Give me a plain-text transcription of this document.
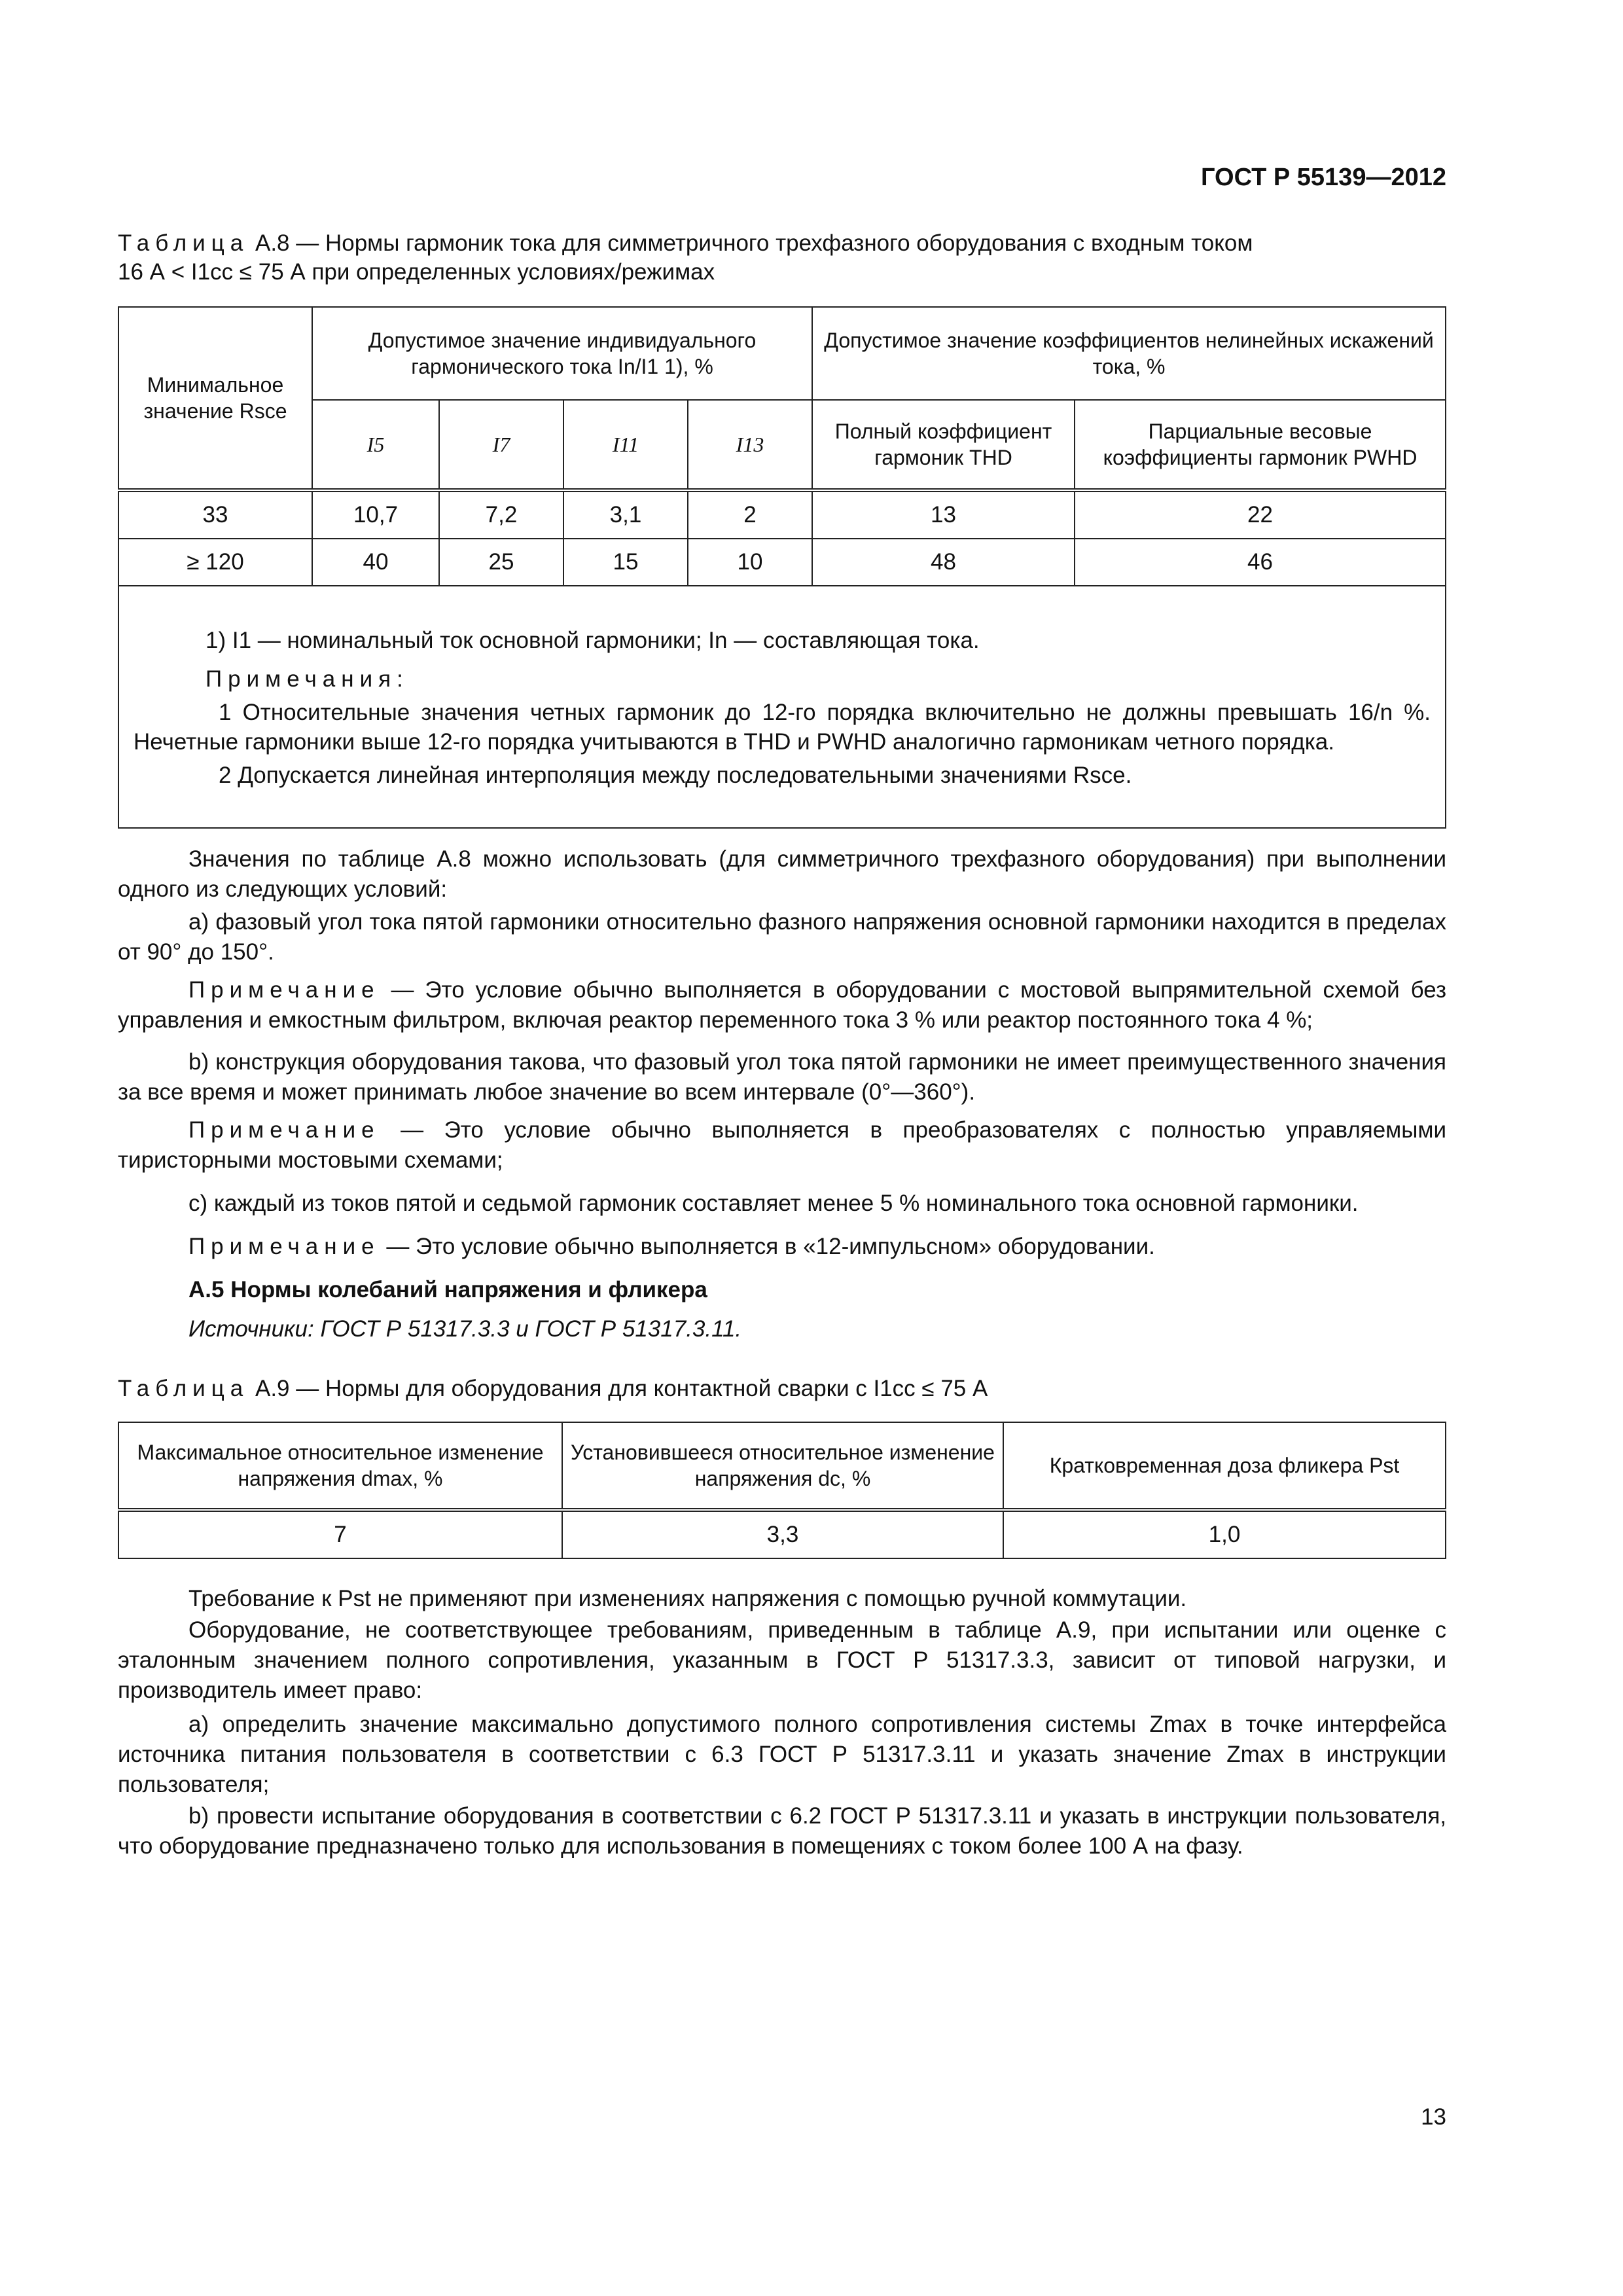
ГОСТ Р 55139—2012
Таблица А.8 — Нормы гармоник тока для симметричного трехфазного оборудования с входным током
16 А < I1cc ≤ 75 А при определенных условиях/режимах
Минимальное значение Rsce	Допустимое значение индивидуального гармонического тока In/I1 1), %				Допустимое значение коэффициентов нелинейных искажений тока, %	
	I5	I7	I11	I13	Полный коэффициент гармоник THD	Парциальные весовые коэффициенты гармоник PWHD
33	10,7	7,2	3,1	2	13	22
≥ 120	40	25	15	10	48	46

1) I1 — номинальный ток основной гармоники; In — составляющая тока.

Примечания:

1 Относительные значения четных гармоник до 12-го порядка включительно не должны превышать 16/n %. Нечетные гармоники выше 12-го порядка учитываются в THD и PWHD аналогично гармоникам четного порядка.

2 Допускается линейная интерполяция между последовательными значениями Rsce.						

Значения по таблице А.8 можно использовать (для симметричного трехфазного оборудования) при выполнении одного из следующих условий:
a) фазовый угол тока пятой гармоники относительно фазного напряжения основной гармоники находится в пределах от 90° до 150°.
Примечание — Это условие обычно выполняется в оборудовании с мостовой выпрямительной схемой без управления и емкостным фильтром, включая реактор переменного тока 3 % или реактор постоянного тока 4 %;
b) конструкция оборудования такова, что фазовый угол тока пятой гармоники не имеет преимущественного значения за все время и может принимать любое значение во всем интервале (0°—360°).
Примечание — Это условие обычно выполняется в преобразователях с полностью управляемыми тиристорными мостовыми схемами;
c) каждый из токов пятой и седьмой гармоник составляет менее 5 % номинального тока основной гармоники.
Примечание — Это условие обычно выполняется в «12-импульсном» оборудовании.
А.5 Нормы колебаний напряжения и фликера
Источники: ГОСТ Р 51317.3.3 и ГОСТ Р 51317.3.11.
Таблица А.9 — Нормы для оборудования для контактной сварки с I1cc ≤ 75 А
Максимальное относительное изменение напряжения dmax, %	Установившееся относительное изменение напряжения dc, %	Кратковременная доза фликера Pst
7	3,3	1,0
Требование к Pst не применяют при изменениях напряжения с помощью ручной коммутации.
Оборудование, не соответствующее требованиям, приведенным в таблице А.9, при испытании или оценке с эталонным значением полного сопротивления, указанным в ГОСТ Р 51317.3.3, зависит от типовой нагрузки, и производитель имеет право:
a) определить значение максимально допустимого полного сопротивления системы Zmax в точке интерфейса источника питания пользователя в соответствии с 6.3 ГОСТ Р 51317.3.11 и указать значение Zmax в инструкции пользователя;
b) провести испытание оборудования в соответствии с 6.2 ГОСТ Р 51317.3.11 и указать в инструкции пользователя, что оборудование предназначено только для использования в помещениях с током более 100 А на фазу.
13
